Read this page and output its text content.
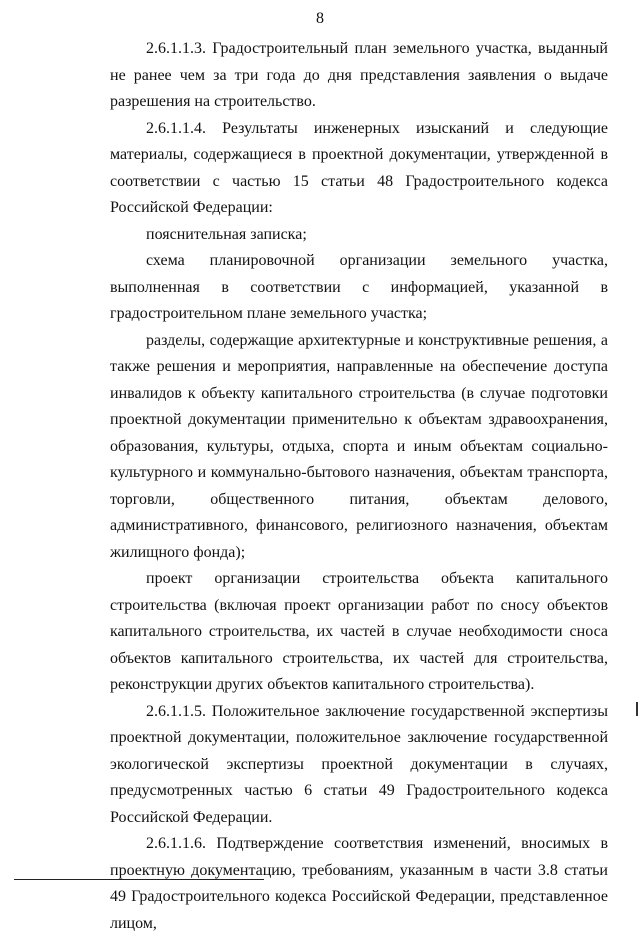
8

2.6.1.1.3. Градостроительный план земельного участка, выданный не ранее чем за три года до дня представления заявления о выдаче разрешения на строительство.

2.6.1.1.4. Результаты инженерных изысканий и следующие материалы, содержащиеся в проектной документации, утвержденной в соответствии с частью 15 статьи 48 Градостроительного кодекса Российской Федерации:

пояснительная записка;

схема планировочной организации земельного участка, выполненная в соответствии с информацией, указанной в градостроительном плане земельного участка;

разделы, содержащие архитектурные и конструктивные решения, а также решения и мероприятия, направленные на обеспечение доступа инвалидов к объекту капитального строительства (в случае подготовки проектной документации применительно к объектам здравоохранения, образования, культуры, отдыха, спорта и иным объектам социально-культурного и коммунально-бытового назначения, объектам транспорта, торговли, общественного питания, объектам делового, административного, финансового, религиозного назначения, объектам жилищного фонда);

проект организации строительства объекта капитального строительства (включая проект организации работ по сносу объектов капитального строительства, их частей в случае необходимости сноса объектов капитального строительства, их частей для строительства, реконструкции других объектов капитального строительства).

2.6.1.1.5. Положительное заключение государственной экспертизы проектной документации, положительное заключение государственной экологической экспертизы проектной документации в случаях, предусмотренных частью 6 статьи 49 Градостроительного кодекса Российской Федерации.

2.6.1.1.6. Подтверждение соответствия изменений, вносимых в проектную документацию, требованиям, указанным в части 3.8 статьи 49 Градостроительного кодекса Российской Федерации, представленное лицом,
